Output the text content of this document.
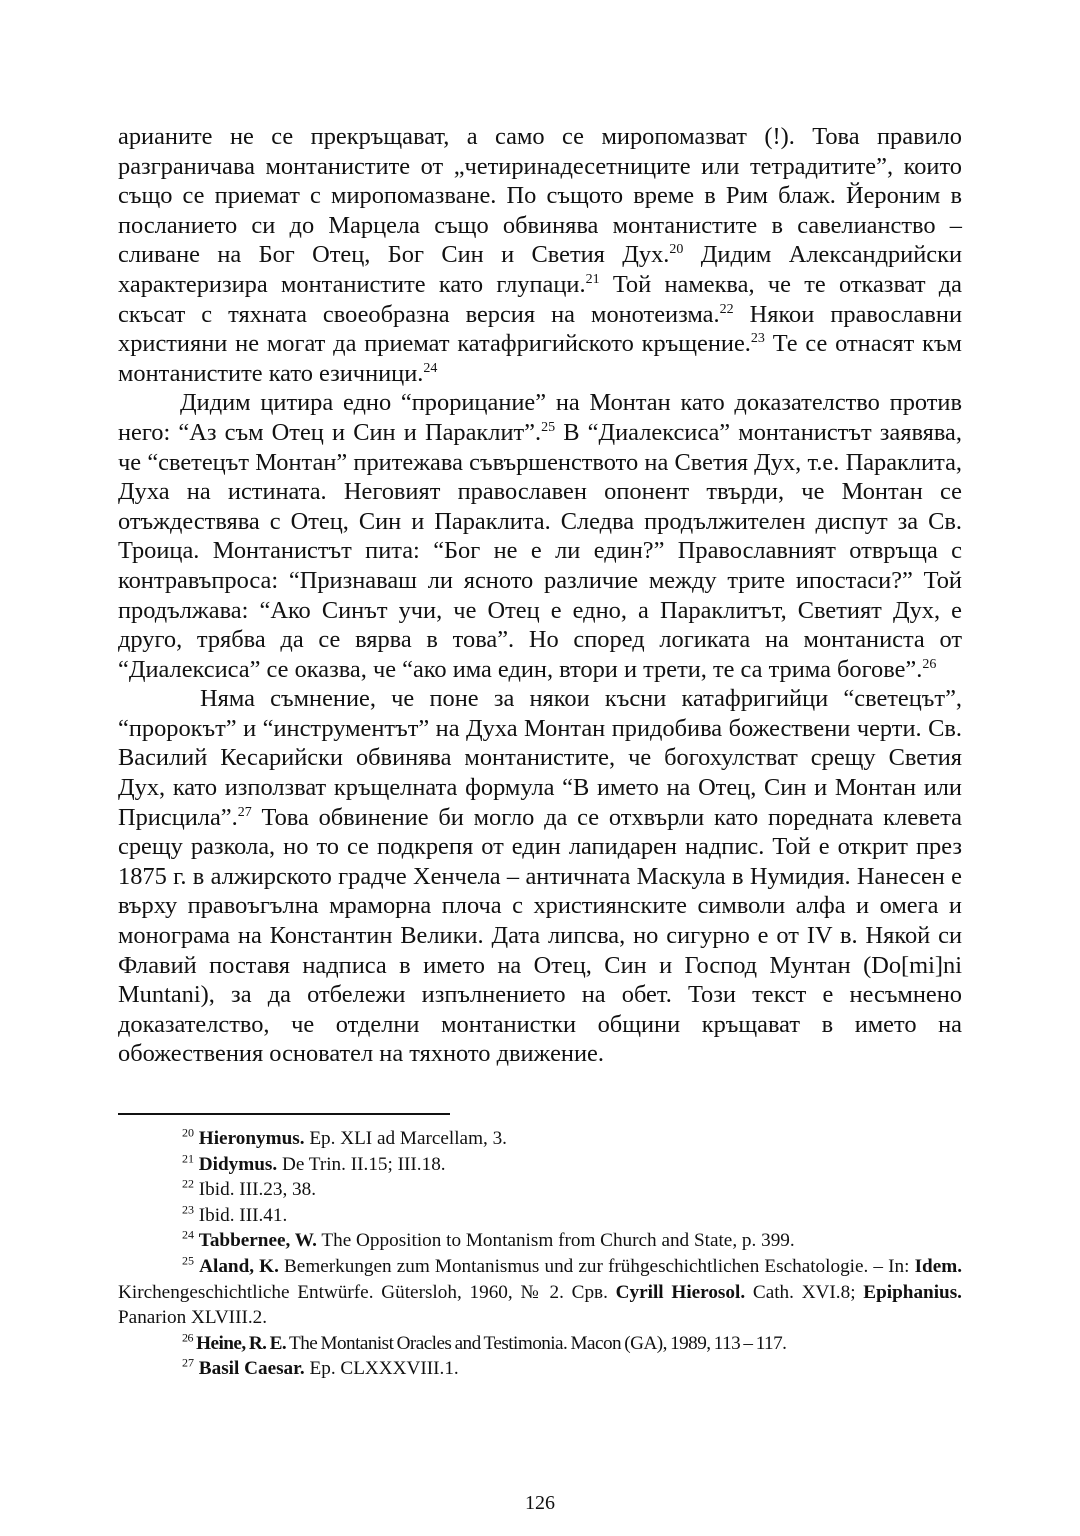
арианите не се прекръщават, а само се миропомазват (!). Това правило разграничава монтанистите от „четиринадесетниците или тетрадитите”, които също се приемат с миропомазване. По същото време в Рим блаж. Йероним в посланието си до Марцела също обвинява монтанистите в савелианство – сливане на Бог Отец, Бог Син и Светия Дух.$^{20}$ Дидим Александрийски характеризира монтанистите като глупаци.$^{21}$ Той намеква, че те отказват да скъсат с тяхната своеобразна версия на монотеизма.$^{22}$ Някои православни християни не могат да приемат катафригийското кръщение.$^{23}$ Те се отнасят към монтанистите като езичници.$^{24}$

Дидим цитира едно “прорицание” на Монтан като доказателство против него: “Аз съм Отец и Син и Параклит”.$^{25}$ В “Диалексиса” монтанистът заявява, че “светецът Монтан” притежава съвършенството на Светия Дух, т.е. Параклита, Духа на истината. Неговият православен опонент твърди, че Монтан се отъждествява с Отец, Син и Параклита. Следва продължителен диспут за Св. Троица. Монтанистът пита: “Бог не е ли един?” Православният отвръща с контравъпроса: “Признаваш ли ясното различие между трите ипостаси?” Той продължава: “Ако Синът учи, че Отец е едно, а Параклитът, Светият Дух, е друго, трябва да се вярва в това”. Но според логиката на монтаниста от “Диалексиса” се оказва, че “ако има един, втори и трети, те са трима богове”.$^{26}$

Няма съмнение, че поне за някои късни катафригийци “светецът”, “пророкът” и “инструментът” на Духа Монтан придобива божествени черти. Св. Василий Кесарийски обвинява монтанистите, че богохулстват срещу Светия Дух, като използват кръщелната формула “В името на Отец, Син и Монтан или Присцила”.$^{27}$ Това обвинение би могло да се отхвърли като поредната клевета срещу разкола, но то се подкрепя от един лапидарен надпис. Той е открит през 1875 г. в алжирското градче Хенчела – античната Маскула в Нумидия. Нанесен е върху правоъгълна мраморна плоча с християнските символи алфа и омега и монограма на Константин Велики. Дата липсва, но сигурно е от IV в. Някой си Флавий поставя надписа в името на Отец, Син и Господ Мунтан (Do[mi]ni Muntani), за да отбележи изпълнението на обет. Този текст е несъмнено доказателство, че отделни монтанистки общини кръщават в името на обожествения основател на тяхното движение.

$^{20}$ Hieronymus. Ep. XLI ad Marcellam, 3.

$^{21}$ Didymus. De Trin. II.15; III.18.

$^{22}$ Ibid. III.23, 38.

$^{23}$ Ibid. III.41.

$^{24}$ Tabbernee, W. The Opposition to Montanism from Church and State, p. 399.

$^{25}$ Aland, K. Bemerkungen zum Montanismus und zur frühgeschichtlichen Eschatologie. – In: Idem. Kirchengeschichtliche Entwürfe. Gütersloh, 1960, № 2. Срв. Cyrill Hierosol. Cath. XVI.8; Epiphanius. Panarion XLVIII.2.

$^{26}$ Heine, R. E. The Montanist Oracles and Testimonia. Macon (GA), 1989, 113 – 117.

$^{27}$ Basil Caesar. Ep. CLXXXVIII.1.

126
